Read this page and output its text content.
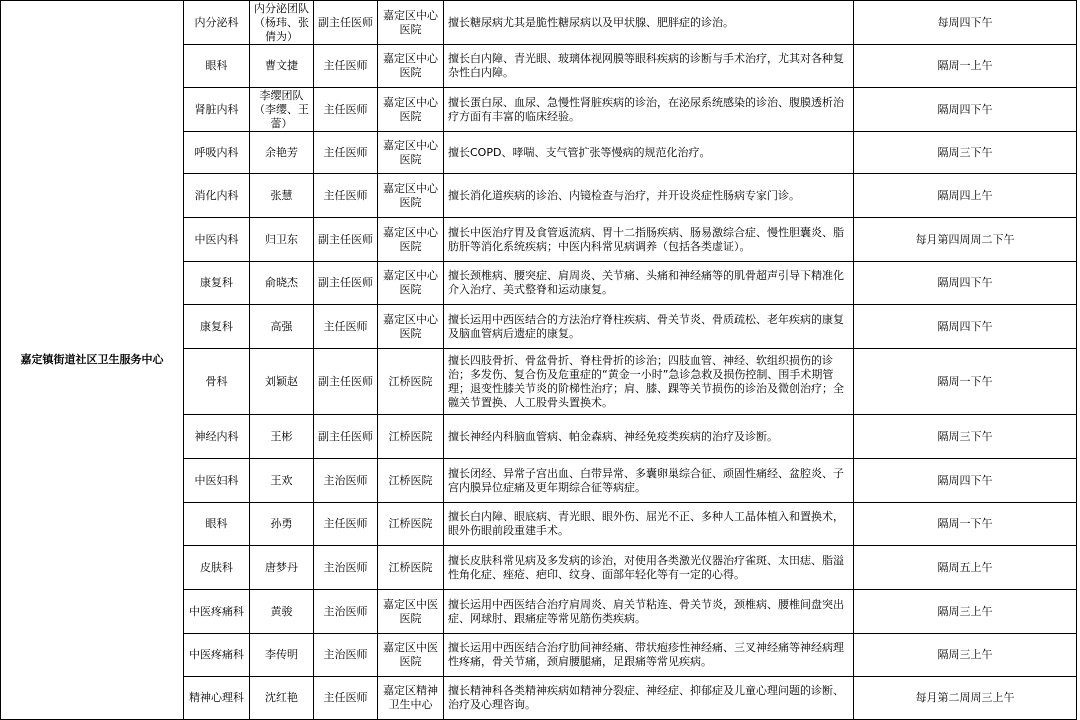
嘉定镇街道社区卫生服务中心	内分泌科	内分泌团队（杨玮、张倩为）	副主任医师	嘉定区中心医院	擅长糖尿病尤其是脆性糖尿病以及甲状腺、肥胖症的诊治。	每周四下午
	眼科	曹文捷	主任医师	嘉定区中心医院	擅长白内障、青光眼、玻璃体视网膜等眼科疾病的诊断与手术治疗，尤其对各种复杂性白内障。	隔周一上午
	肾脏内科	李缨团队（李缨、王蕾）	主任医师	嘉定区中心医院	擅长蛋白尿、血尿、急慢性肾脏疾病的诊治，在泌尿系统感染的诊治、腹膜透析治疗方面有丰富的临床经验。	隔周四下午
	呼吸内科	余艳芳	主任医师	嘉定区中心医院	擅长COPD、哮喘、支气管扩张等慢病的规范化治疗。	隔周三下午
	消化内科	张慧	主任医师	嘉定区中心医院	擅长消化道疾病的诊治、内镜检查与治疗，并开设炎症性肠病专家门诊。	隔周四上午
	中医内科	归卫东	副主任医师	嘉定区中心医院	擅长中医治疗胃及食管返流病、胃十二指肠疾病、肠易激综合症、慢性胆囊炎、脂肪肝等消化系统疾病；中医内科常见病调养（包括各类虚证）。	每月第四周周二下午
	康复科	俞晓杰	副主任医师	嘉定区中心医院	擅长颈椎病、腰突症、肩周炎、关节痛、头痛和神经痛等的肌骨超声引导下精准化介入治疗、美式整脊和运动康复。	隔周四下午
	康复科	高强	主任医师	嘉定区中心医院	擅长运用中西医结合的方法治疗脊柱疾病、骨关节炎、骨质疏松、老年疾病的康复及脑血管病后遗症的康复。	隔周四下午
	骨科	刘颖赵	副主任医师	江桥医院	擅长四肢骨折、骨盆骨折、脊柱骨折的诊治；四肢血管、神经、软组织损伤的诊治；多发伤、复合伤及危重症的“黄金一小时”急诊急救及损伤控制、围手术期管理；退变性膝关节炎的阶梯性治疗；肩、膝、踝等关节损伤的诊治及微创治疗；全髋关节置换、人工股骨头置换术。	隔周一下午
	神经内科	王彬	副主任医师	江桥医院	擅长神经内科脑血管病、帕金森病、神经免疫类疾病的治疗及诊断。	隔周三下午
	中医妇科	王欢	主治医师	江桥医院	擅长闭经、异常子宫出血、白带异常、多囊卵巢综合征、顽固性痛经、盆腔炎、子宫内膜异位症痛及更年期综合征等病症。	隔周四下午
	眼科	孙勇	主任医师	江桥医院	擅长白内障、眼底病、青光眼、眼外伤、屈光不正、多种人工晶体植入和置换术，眼外伤眼前段重建手术。	隔周一下午
	皮肤科	唐梦丹	主治医师	江桥医院	擅长皮肤科常见病及多发病的诊治，对使用各类激光仪器治疗雀斑、太田痣、脂溢性角化症、痤疮、疤印、纹身、面部年轻化等有一定的心得。	隔周五上午
	中医疼痛科	黄骏	主治医师	嘉定区中医医院	擅长运用中西医结合治疗肩周炎、肩关节粘连、骨关节炎，颈椎病、腰椎间盘突出症、网球肘、跟痛症等常见筋伤类疾病。	隔周三上午
	中医疼痛科	李传明	主治医师	嘉定区中医医院	擅长运用中西医结合治疗肋间神经痛、带状疱疹性神经痛、三叉神经痛等神经病理性疼痛，骨关节痛，颈肩腰腿痛，足跟痛等常见疾病。	隔周三上午
	精神心理科	沈红艳	主任医师	嘉定区精神卫生中心	擅长精神科各类精神疾病如精神分裂症、神经症、抑郁症及儿童心理问题的诊断、治疗及心理咨询。	每月第二周周三上午
